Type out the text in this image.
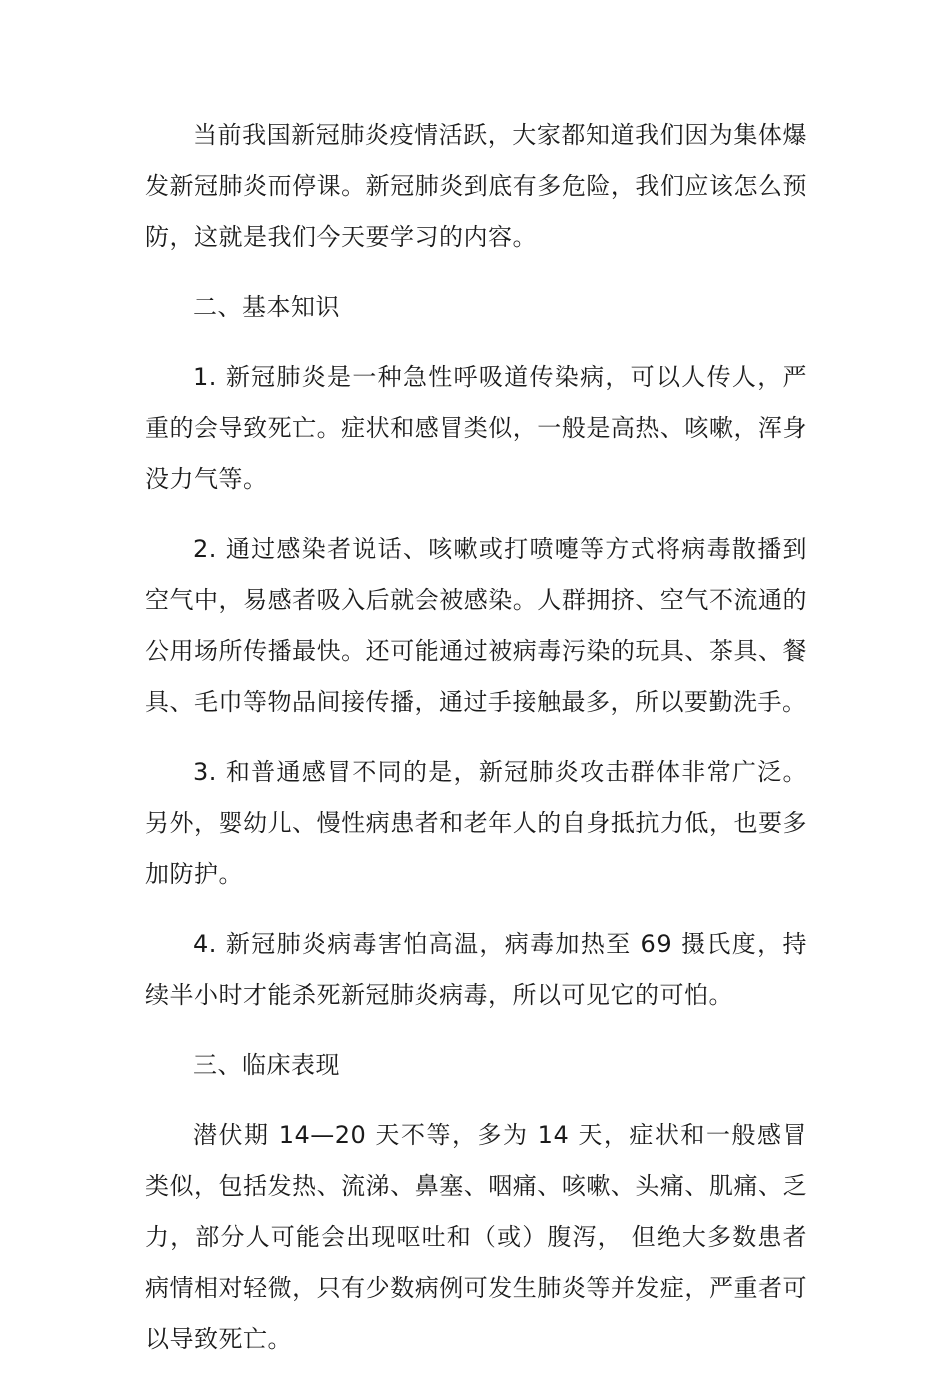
当前我国新冠肺炎疫情活跃，大家都知道我们因为集体爆发新冠肺炎而停课。新冠肺炎到底有多危险，我们应该怎么预防，这就是我们今天要学习的内容。

二、基本知识

1. 新冠肺炎是一种急性呼吸道传染病，可以人传人，严重的会导致死亡。症状和感冒类似，一般是高热、咳嗽，浑身没力气等。

2. 通过感染者说话、咳嗽或打喷嚏等方式将病毒散播到空气中，易感者吸入后就会被感染。人群拥挤、空气不流通的公用场所传播最快。还可能通过被病毒污染的玩具、茶具、餐具、毛巾等物品间接传播，通过手接触最多，所以要勤洗手。

3. 和普通感冒不同的是，新冠肺炎攻击群体非常广泛。另外，婴幼儿、慢性病患者和老年人的自身抵抗力低，也要多加防护。

4. 新冠肺炎病毒害怕高温，病毒加热至 69 摄氏度，持续半小时才能杀死新冠肺炎病毒，所以可见它的可怕。

三、临床表现

潜伏期 14—20 天不等，多为 14 天，症状和一般感冒类似，包括发热、流涕、鼻塞、咽痛、咳嗽、头痛、肌痛、乏力，部分人可能会出现呕吐和（或）腹泻， 但绝大多数患者病情相对轻微，只有少数病例可发生肺炎等并发症，严重者可以导致死亡。
